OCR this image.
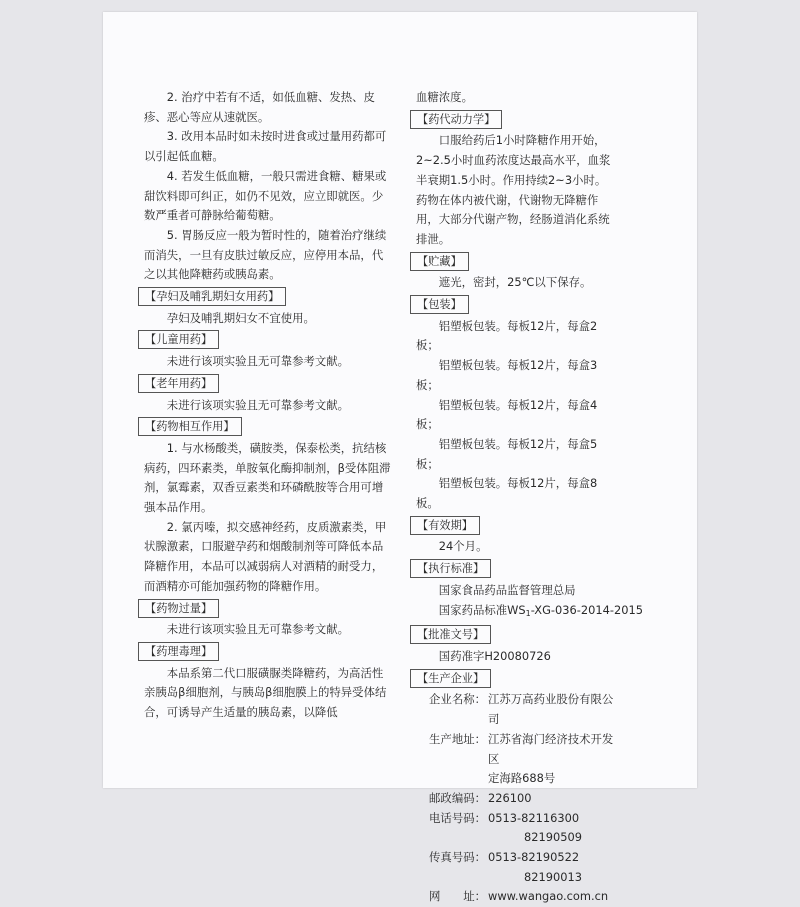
2. 治疗中若有不适，如低血糖、发热、皮疹、恶心等应从速就医。

3. 改用本品时如未按时进食或过量用药都可以引起低血糖。

4. 若发生低血糖，一般只需进食糖、糖果或甜饮料即可纠正，如仍不见效，应立即就医。少数严重者可静脉给葡萄糖。

5. 胃肠反应一般为暂时性的，随着治疗继续而消失，一旦有皮肤过敏反应，应停用本品，代之以其他降糖药或胰岛素。

【孕妇及哺乳期妇女用药】

孕妇及哺乳期妇女不宜使用。

【儿童用药】

未进行该项实验且无可靠参考文献。

【老年用药】

未进行该项实验且无可靠参考文献。

【药物相互作用】

1. 与水杨酸类，磺胺类，保泰松类，抗结核病药，四环素类，单胺氧化酶抑制剂，β受体阻滞剂，氯霉素，双香豆素类和环磷酰胺等合用可增强本品作用。

2. 氯丙嗪，拟交感神经药，皮质激素类，甲状腺激素，口服避孕药和烟酸制剂等可降低本品降糖作用，本品可以减弱病人对酒精的耐受力，而酒精亦可能加强药物的降糖作用。

【药物过量】

未进行该项实验且无可靠参考文献。

【药理毒理】

本品系第二代口服磺脲类降糖药，为高活性亲胰岛β细胞剂，与胰岛β细胞膜上的特异受体结合，可诱导产生适量的胰岛素，以降低

血糖浓度。

【药代动力学】

口服给药后1小时降糖作用开始，2~2.5小时血药浓度达最高水平，血浆半衰期1.5小时。作用持续2~3小时。药物在体内被代谢，代谢物无降糖作用，大部分代谢产物，经肠道消化系统排泄。

【贮藏】

遮光，密封，25℃以下保存。

【包装】

铝塑板包装。每板12片，每盒2板；

铝塑板包装。每板12片，每盒3板；

铝塑板包装。每板12片，每盒4板；

铝塑板包装。每板12片，每盒5板；

铝塑板包装。每板12片，每盒8板。

【有效期】

24个月。

【执行标准】

国家食品药品监督管理总局

国家药品标准$WS_1-XG-036-2014-2015$

【批准文号】

国药准字H20080726

【生产企业】
企业名称： 江苏万高药业股份有限公司
生产地址： 江苏省海门经济技术开发区
定海路688号
邮政编码： 226100
电话号码： 0513-82116300
82190509
传真号码： 0513-82190522
82190013
网　　址： www.wangao.com.cn
